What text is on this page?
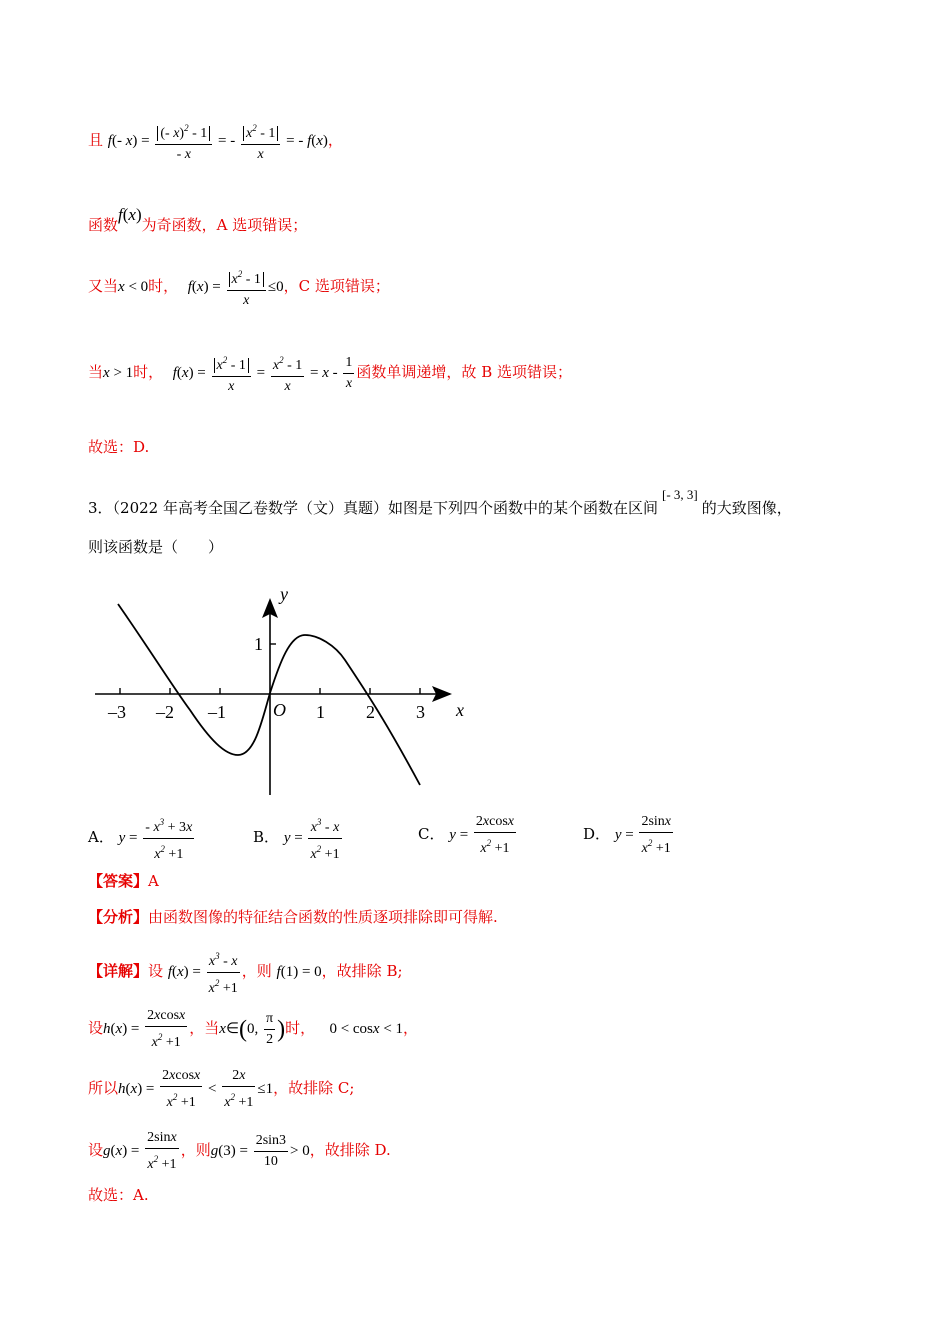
且 f(- $x) = \frac{(- x)^2 - 1}{- x}$ = - $\frac{x^2 - 1}{x}$ = - f(x)，
函数f(x)为奇函数，A 选项错误；
又当x < 0时， $f(x) = \frac{x^2 - 1}{x} \le 0$，C 选项错误；
当x > 1时， $f(x) = \frac{x^2 - 1}{x} = \frac{x^2 - 1}{x} = x - \frac{1}{x}$ 函数单调递增，故 B 选项错误；
故选：D.
3．（2022 年高考全国乙卷数学（文）真题）如图是下列四个函数中的某个函数在区间[- 3, 3]的大致图像，
则该函数是（　　）
y
x
O
1
–3 –2 –1	1 2 3
A． $y = \frac{- x^3 + 3x}{x^2 +1}$	B． $y = \frac{x^3 - x}{x^2 +1}$	C． $y = \frac{2xcosx}{x^2 +1}$	D． $y = \frac{2\sin x}{x^2 +1}$
【答案】A
【分析】由函数图像的特征结合函数的性质逐项排除即可得解.
【详解】设 $f(x) = \frac{x^3 - x}{x^2 +1}$ ，则 f(1) = 0，故排除 B;
设$h(x) = \frac{2xcosx}{x^2 +1}$ ，当x∈(0, $\frac{\pi}{2}$ )时， 0 < cosx < 1，
所以$h(x) = \frac{2xcosx}{x^2 +1} < \frac{2x}{x^2 +1} \le 1$，故排除 C;
设$g(x) = \frac{2\sin x}{x^2 +1}$ ，则$g(3) = \frac{2\sin 3}{10} > 0$，故排除 D.
故选：A.
